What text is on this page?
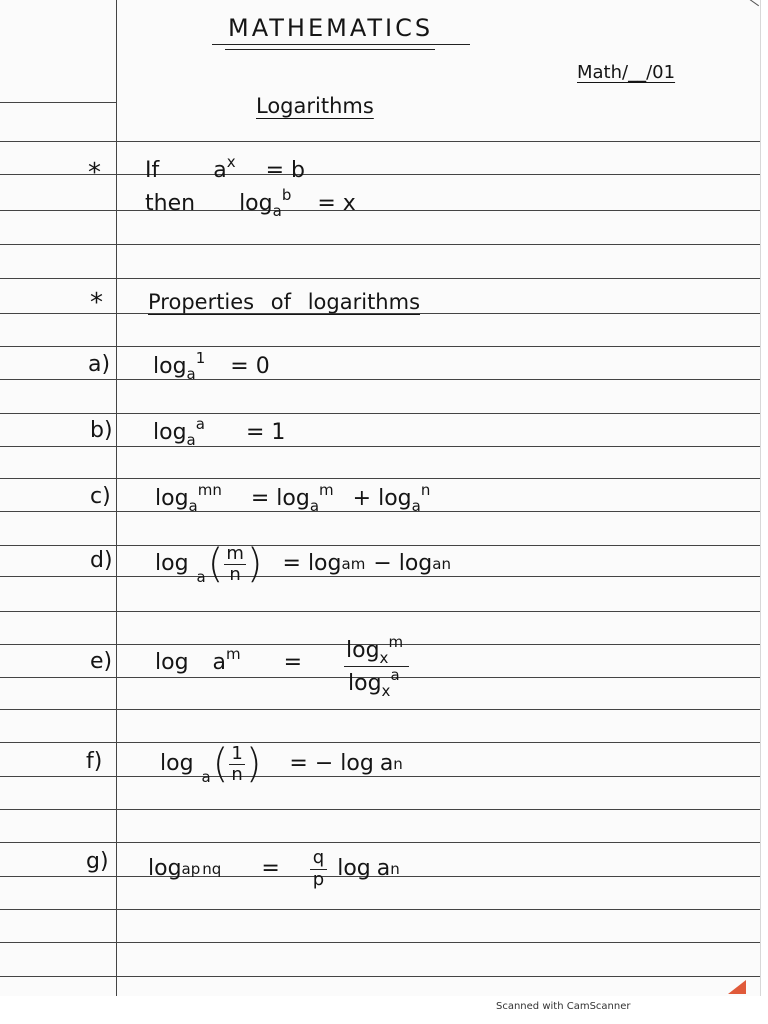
MATHEMATICS
Math/__/01
Logarithms
* If $a^x = b$
then $\log_a^b = x$
* Properties of logarithms
a) $\log_a^1 = 0$
b) $\log_a^a = 1$
c) $\log_a^{mn} = \log_a^m + \log_a^n$
d) log
a ( $\frac{m}{n}$ ) = log a m − log a n
e) $\log a^m = \frac{\log_x^m}{\log_x^a}$
f)	log
a ( $\frac{1}{n}$ ) = − log a n
g) log a p n $q = \frac{q}{p}$ log a n
Scanned with CamScanner
